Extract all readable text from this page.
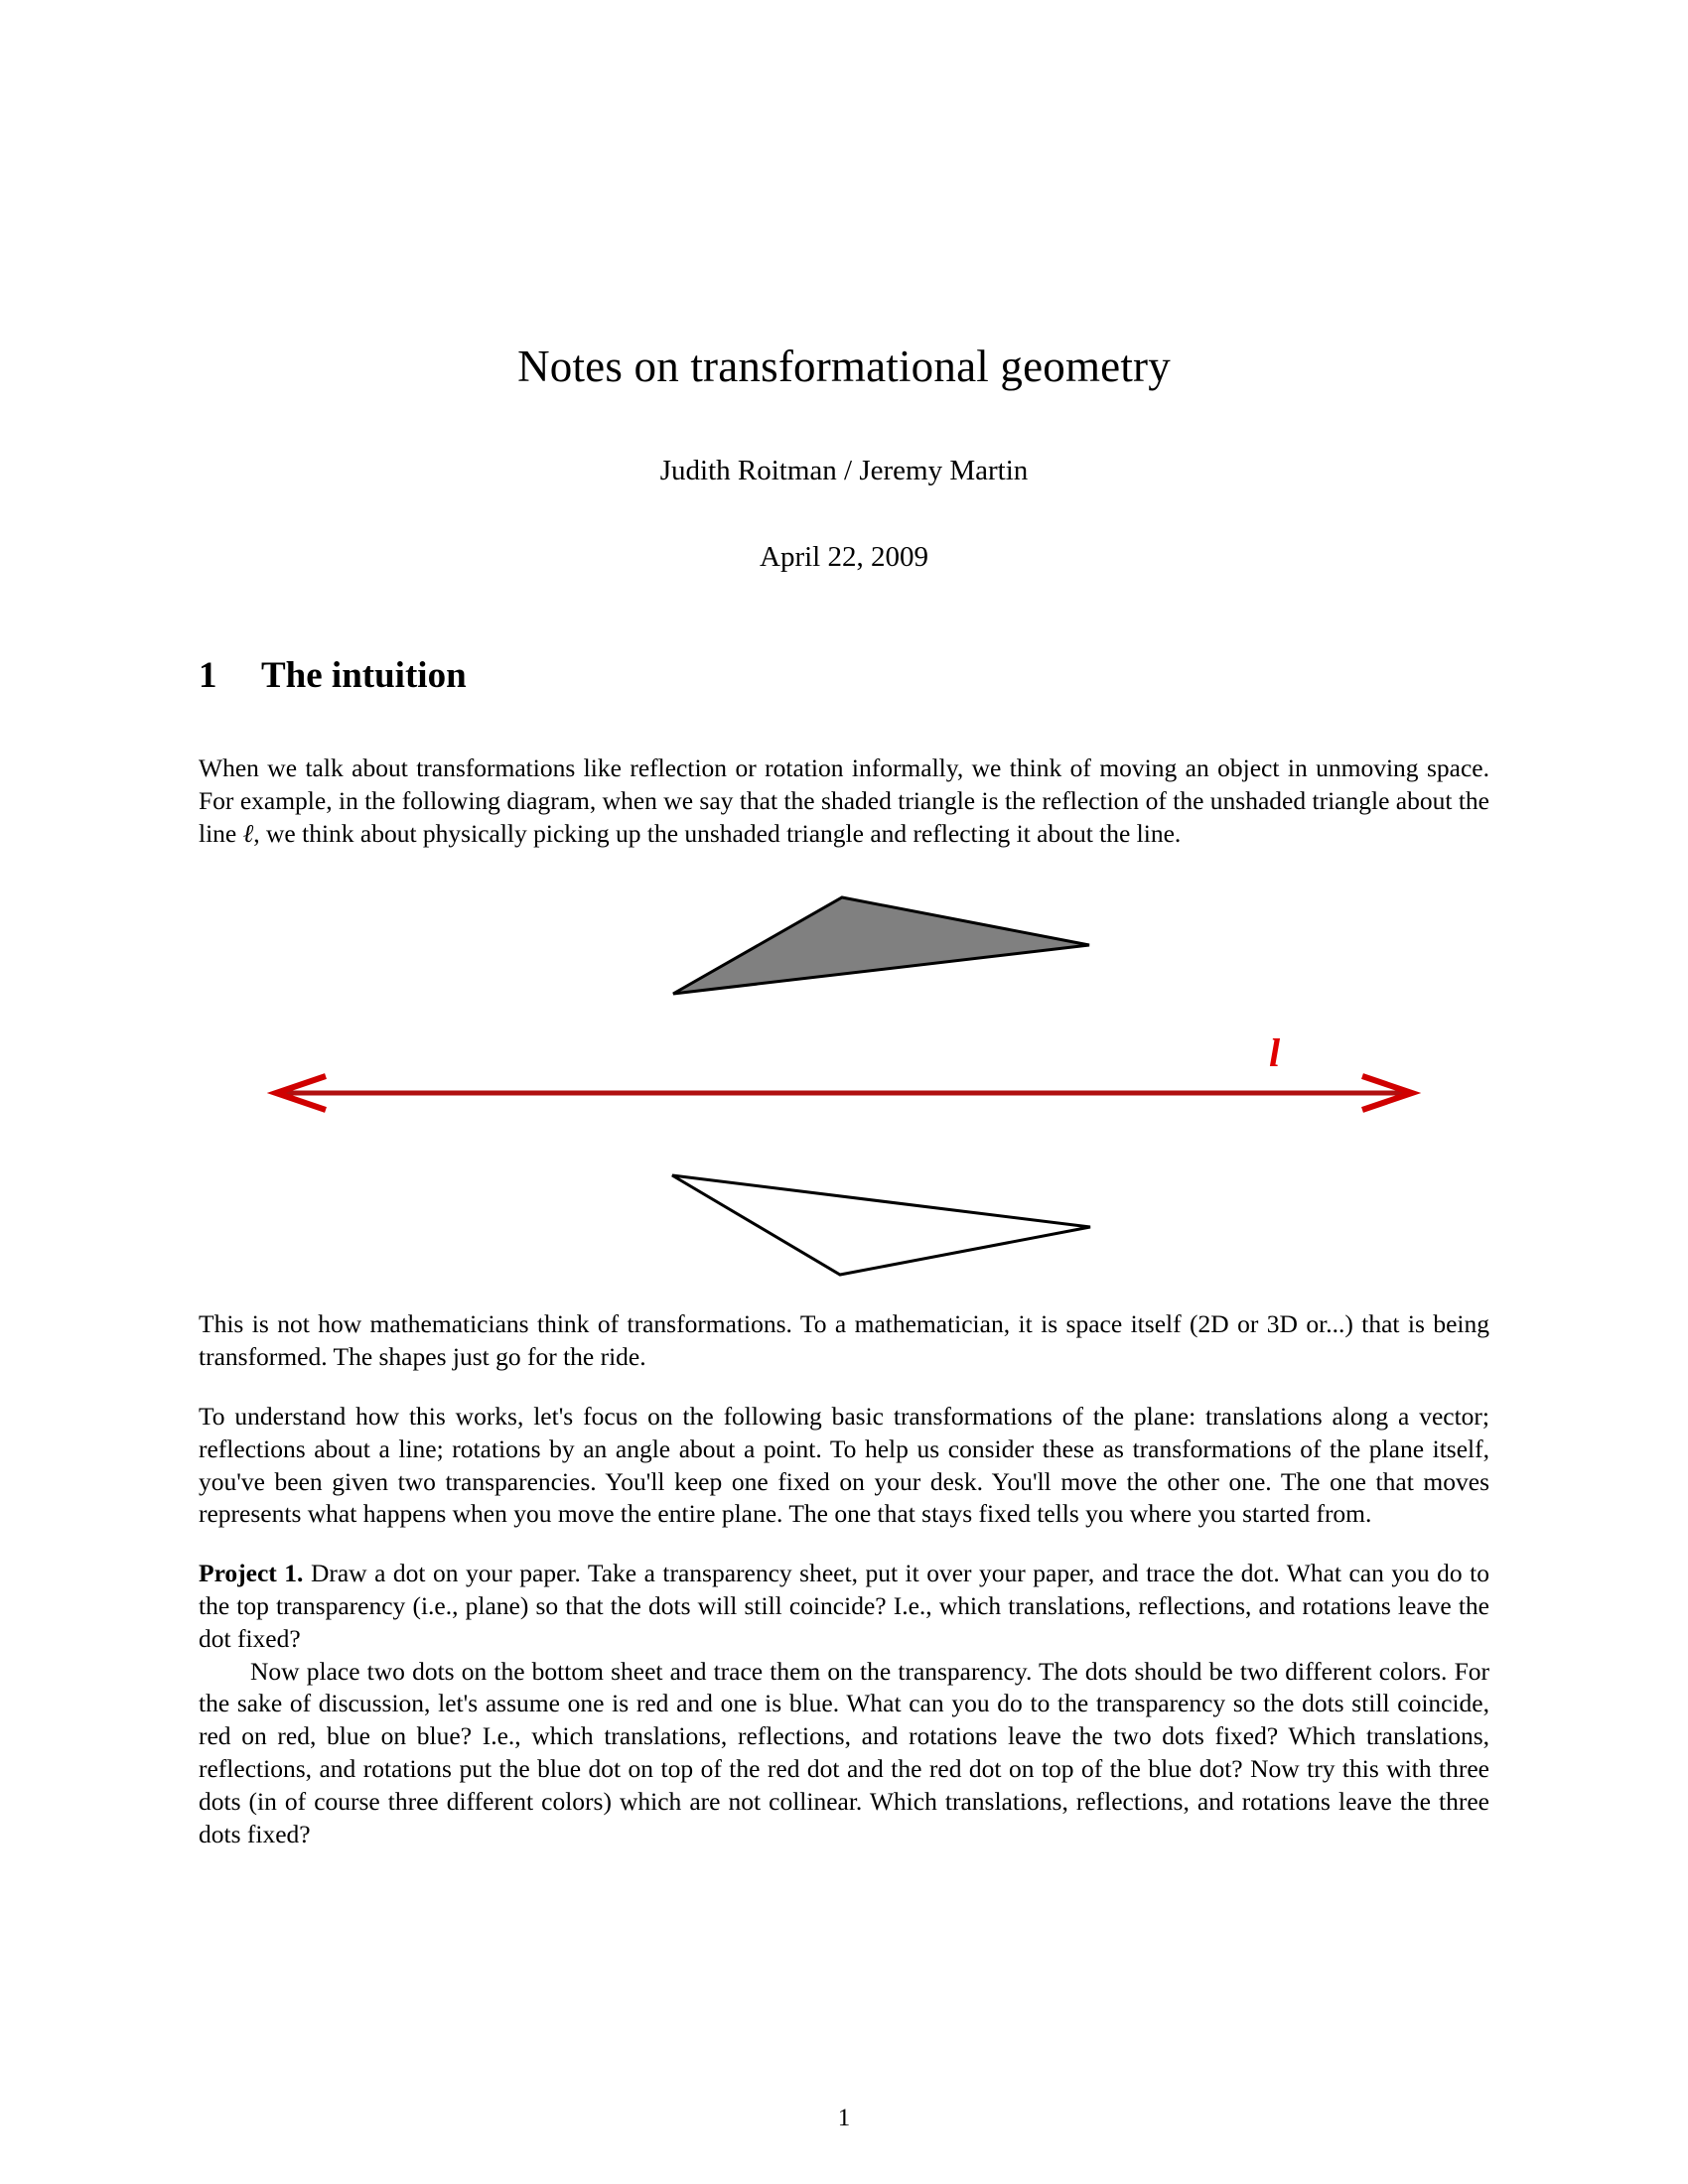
Notes on transformational geometry
Judith Roitman / Jeremy Martin
April 22, 2009
1 The intuition

When we talk about transformations like reflection or rotation informally, we think of moving an object in unmoving space. For example, in the following diagram, when we say that the shaded triangle is the reflection of the unshaded triangle about the line ℓ, we think about physically picking up the unshaded triangle and reflecting it about the line.

l

This is not how mathematicians think of transformations. To a mathematician, it is space itself (2D or 3D or...) that is being transformed. The shapes just go for the ride.

To understand how this works, let's focus on the following basic transformations of the plane: translations along a vector; reflections about a line; rotations by an angle about a point. To help us consider these as transformations of the plane itself, you've been given two transparencies. You'll keep one fixed on your desk. You'll move the other one. The one that moves represents what happens when you move the entire plane. The one that stays fixed tells you where you started from.

Project 1. Draw a dot on your paper. Take a transparency sheet, put it over your paper, and trace the dot. What can you do to the top transparency (i.e., plane) so that the dots will still coincide? I.e., which translations, reflections, and rotations leave the dot fixed?

Now place two dots on the bottom sheet and trace them on the transparency. The dots should be two different colors. For the sake of discussion, let's assume one is red and one is blue. What can you do to the transparency so the dots still coincide, red on red, blue on blue? I.e., which translations, reflections, and rotations leave the two dots fixed? Which translations, reflections, and rotations put the blue dot on top of the red dot and the red dot on top of the blue dot? Now try this with three dots (in of course three different colors) which are not collinear. Which translations, reflections, and rotations leave the three dots fixed?

1
